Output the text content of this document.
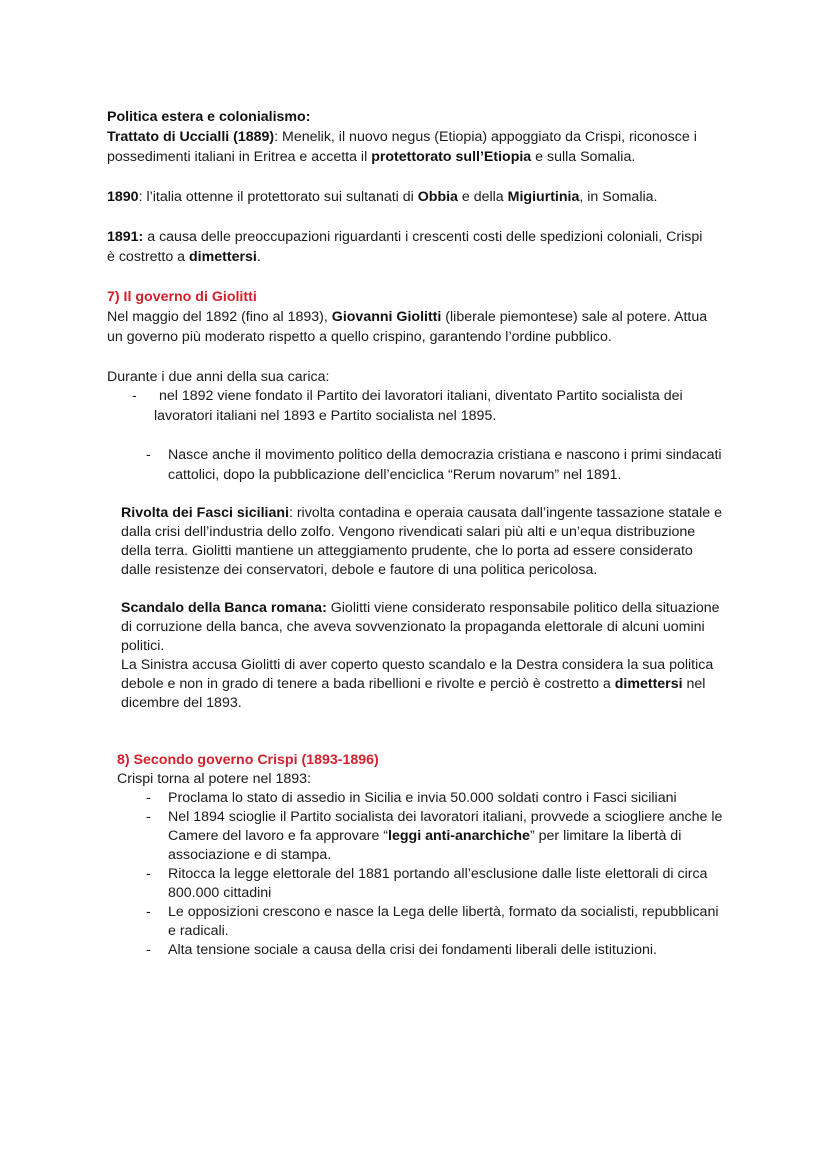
Politica estera e colonialismo:
Trattato di Uccialli (1889): Menelik, il nuovo negus (Etiopia) appoggiato da Crispi, riconosce i
possedimenti italiani in Eritrea e accetta il protettorato sull’Etiopia e sulla Somalia.
1890: l’italia ottenne il protettorato sui sultanati di Obbia e della Migiurtinia, in Somalia.
1891: a causa delle preoccupazioni riguardanti i crescenti costi delle spedizioni coloniali, Crispi
è costretto a dimettersi.
7) Il governo di Giolitti
Nel maggio del 1892 (fino al 1893), Giovanni Giolitti (liberale piemontese) sale al potere. Attua
un governo più moderato rispetto a quello crispino, garantendo l’ordine pubblico.
Durante i due anni della sua carica:
- nel 1892 viene fondato il Partito dei lavoratori italiani, diventato Partito socialista dei
lavoratori italiani nel 1893 e Partito socialista nel 1895.
- Nasce anche il movimento politico della democrazia cristiana e nascono i primi sindacati
cattolici, dopo la pubblicazione dell’enciclica “Rerum novarum” nel 1891.
Rivolta dei Fasci siciliani: rivolta contadina e operaia causata dall’ingente tassazione statale e
dalla crisi dell’industria dello zolfo. Vengono rivendicati salari più alti e un’equa distribuzione
della terra. Giolitti mantiene un atteggiamento prudente, che lo porta ad essere considerato
dalle resistenze dei conservatori, debole e fautore di una politica pericolosa.
Scandalo della Banca romana: Giolitti viene considerato responsabile politico della situazione
di corruzione della banca, che aveva sovvenzionato la propaganda elettorale di alcuni uomini
politici.
La Sinistra accusa Giolitti di aver coperto questo scandalo e la Destra considera la sua politica
debole e non in grado di tenere a bada ribellioni e rivolte e perciò è costretto a dimettersi nel
dicembre del 1893.
8) Secondo governo Crispi (1893-1896)
Crispi torna al potere nel 1893:
- Proclama lo stato di assedio in Sicilia e invia 50.000 soldati contro i Fasci siciliani
- Nel 1894 scioglie il Partito socialista dei lavoratori italiani, provvede a sciogliere anche le
Camere del lavoro e fa approvare “leggi anti-anarchiche” per limitare la libertà di
associazione e di stampa.
- Ritocca la legge elettorale del 1881 portando all’esclusione dalle liste elettorali di circa
800.000 cittadini
- Le opposizioni crescono e nasce la Lega delle libertà, formato da socialisti, repubblicani
e radicali.
- Alta tensione sociale a causa della crisi dei fondamenti liberali delle istituzioni.
